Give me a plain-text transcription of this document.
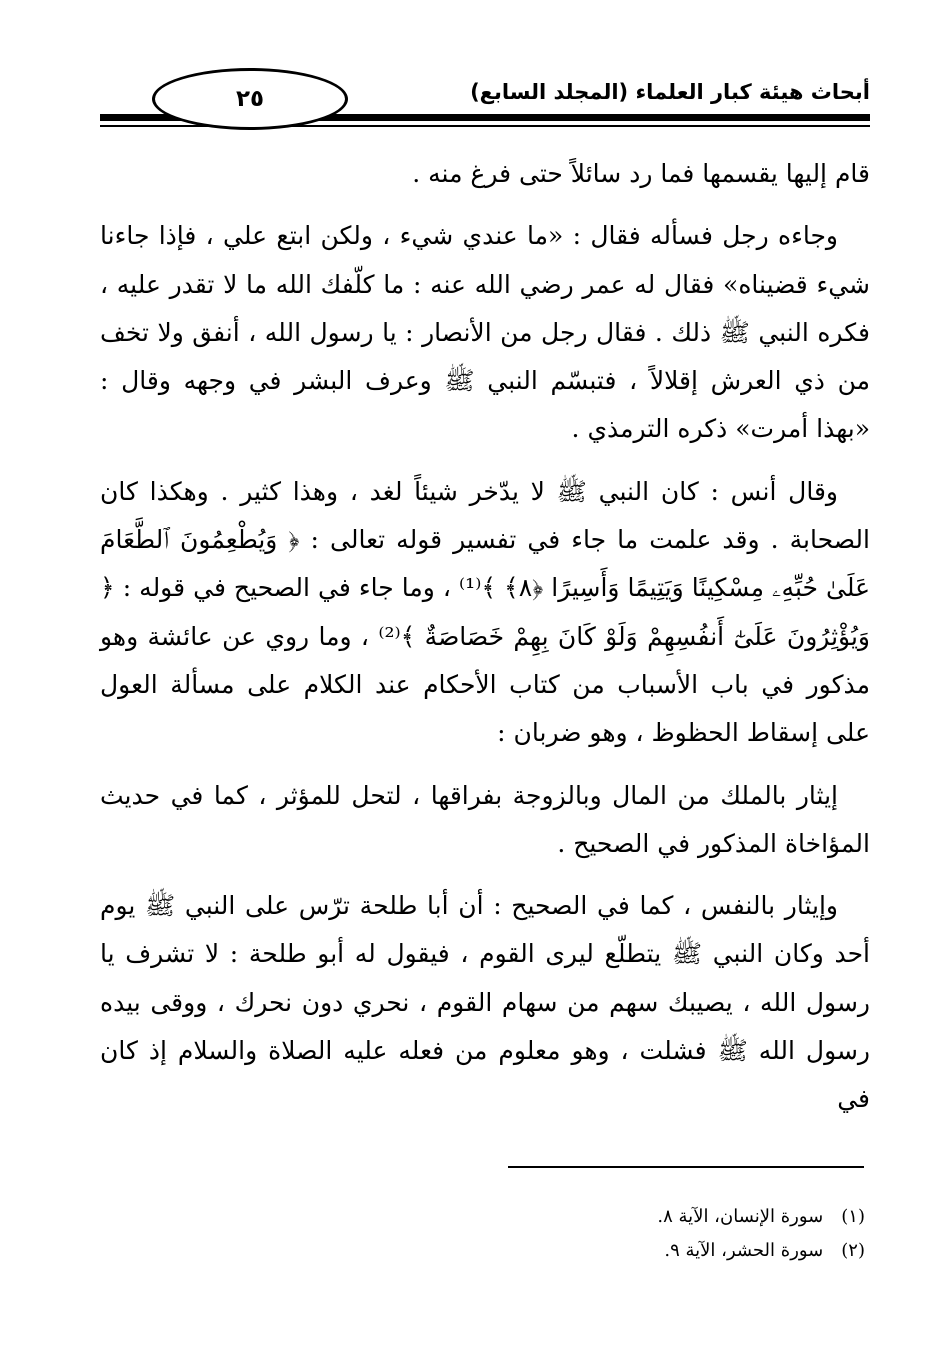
٢٥	أبحاث هيئة كبار العلماء (المجلد السابع)

قام إليها يقسمها فما رد سائلاً حتى فرغ منه .

وجاءه رجل فسأله فقال : «ما عندي شيء ، ولكن ابتع علي ، فإذا جاءنا شيء قضيناه» فقال له عمر رضي الله عنه : ما كلّفك الله ما لا تقدر عليه ، فكره النبي ﷺ ذلك . فقال رجل من الأنصار : يا رسول الله ، أنفق ولا تخف من ذي العرش إقلالاً ، فتبسّم النبي ﷺ وعرف البشر في وجهه وقال : «بهذا أمرت» ذكره الترمذي .

وقال أنس : كان النبي ﷺ لا يدّخر شيئاً لغد ، وهذا كثير . وهكذا كان الصحابة . وقد علمت ما جاء في تفسير قوله تعالى : ﴿ وَيُطْعِمُونَ ٱلطَّعَامَ عَلَىٰ حُبِّهِۦ مِسْكِينًا وَيَتِيمًا وَأَسِيرًا ﴿٨﴾ ﴾⁽¹⁾ ، وما جاء في الصحيح في قوله : ﴿ وَيُؤْثِرُونَ عَلَىٰٓ أَنفُسِهِمْ وَلَوْ كَانَ بِهِمْ خَصَاصَةٌ ﴾⁽²⁾ ، وما روي عن عائشة وهو مذكور في باب الأسباب من كتاب الأحكام عند الكلام على مسألة العول على إسقاط الحظوظ ، وهو ضربان :

إيثار بالملك من المال وبالزوجة بفراقها ، لتحل للمؤثر ، كما في حديث المؤاخاة المذكور في الصحيح .

وإيثار بالنفس ، كما في الصحيح : أن أبا طلحة ترّس على النبي ﷺ يوم أحد وكان النبي ﷺ يتطلّع ليرى القوم ، فيقول له أبو طلحة : لا تشرف يا رسول الله ، يصيبك سهم من سهام القوم ، نحري دون نحرك ، ووقى بيده رسول الله ﷺ فشلت ، وهو معلوم من فعله عليه الصلاة والسلام إذ كان في

(١)
سورة الإنسان، الآية ٨.
(٢)
سورة الحشر، الآية ٩.
